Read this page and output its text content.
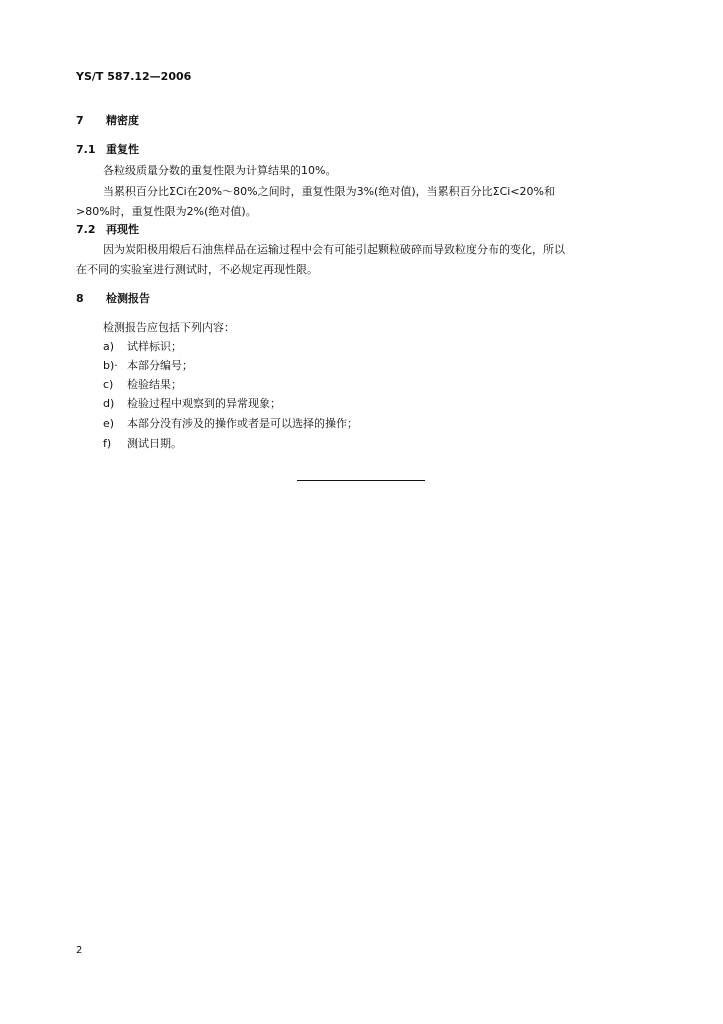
YS/T 587.12—2006
7 精密度
7.1 重复性
各粒级质量分数的重复性限为计算结果的10%。
当累积百分比ΣCi在20%～80%之间时，重复性限为3%(绝对值)，当累积百分比ΣCi<20%和
>80%时，重复性限为2%(绝对值)。
7.2 再现性
因为炭阳极用煅后石油焦样品在运输过程中会有可能引起颗粒破碎而导致粒度分布的变化，所以
在不同的实验室进行测试时，不必规定再现性限。
8 检测报告
检测报告应包括下列内容：
a) 试样标识；
b)· 本部分编号；
c) 检验结果；
d) 检验过程中观察到的异常现象；
e) 本部分没有涉及的操作或者是可以选择的操作；
f) 测试日期。
2
